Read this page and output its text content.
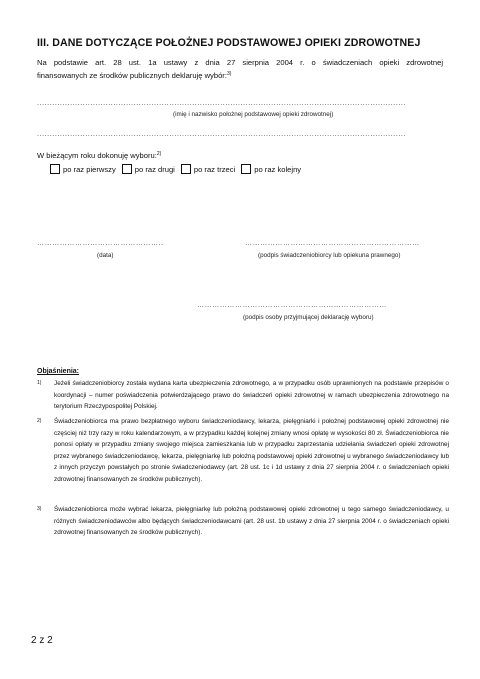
III. DANE DOTYCZĄCE POŁOŻNEJ PODSTAWOWEJ OPIEKI ZDROWOTNEJ
Na podstawie art. 28 ust. 1a ustawy z dnia 27 sierpnia 2004 r. o świadczeniach opieki zdrowotnej
finansowanych ze środków publicznych deklaruję wybór:$^{3)}$
.................................................................................................................................................
(imię i nazwisko położnej podstawowej opieki zdrowotnej)
.................................................................................................................................................
W bieżącym roku dokonuję wyboru:$^{2)}$
po raz pierwszy	po raz drugi	po raz trzeci	po raz kolejny
…………………………………………..
(data)
……………………………………………………………
(podpis świadczeniobiorcy lub opiekuna prawnego)
…………………………………………………………………
(podpis osoby przyjmującej deklarację wyboru)
Objaśnienia:
1)	Jeżeli świadczeniobiorcy została wydana karta ubezpieczenia zdrowotnego, a w przypadku osób uprawnionych na podstawie przepisów o koordynacji – numer poświadczenia potwierdzającego prawo do świadczeń opieki zdrowotnej w ramach ubezpieczenia zdrowotnego na terytorium Rzeczypospolitej Polskiej.
2)	Świadczeniobiorca ma prawo bezpłatnego wyboru świadczeniodawcy, lekarza, pielęgniarki i położnej podstawowej opieki zdrowotnej nie częściej niż trzy razy w roku kalendarzowym, a w przypadku każdej kolejnej zmiany wnosi opłatę w wysokości 80 zł. Świadczeniobiorca nie ponosi opłaty w przypadku zmiany swojego miejsca zamieszkania lub w przypadku zaprzestania udzielania świadczeń opieki zdrowotnej przez wybranego świadczeniodawcę, lekarza, pielęgniarkę lub położną podstawowej opieki zdrowotnej u wybranego świadczeniodawcy lub z innych przyczyn powstałych po stronie świadczeniodawcy (art. 28 ust. 1c i 1d ustawy z dnia 27 sierpnia 2004 r. o świadczeniach opieki zdrowotnej finansowanych ze środków publicznych).
3)	Świadczeniobiorca może wybrać lekarza, pielęgniarkę lub położną podstawowej opieki zdrowotnej u tego samego świadczeniodawcy, u różnych świadczeniodawców albo będących świadczeniodawcami (art. 28 ust. 1b ustawy z dnia 27 sierpnia 2004 r. o świadczeniach opieki zdrowotnej finansowanych ze środków publicznych).
2 z 2
